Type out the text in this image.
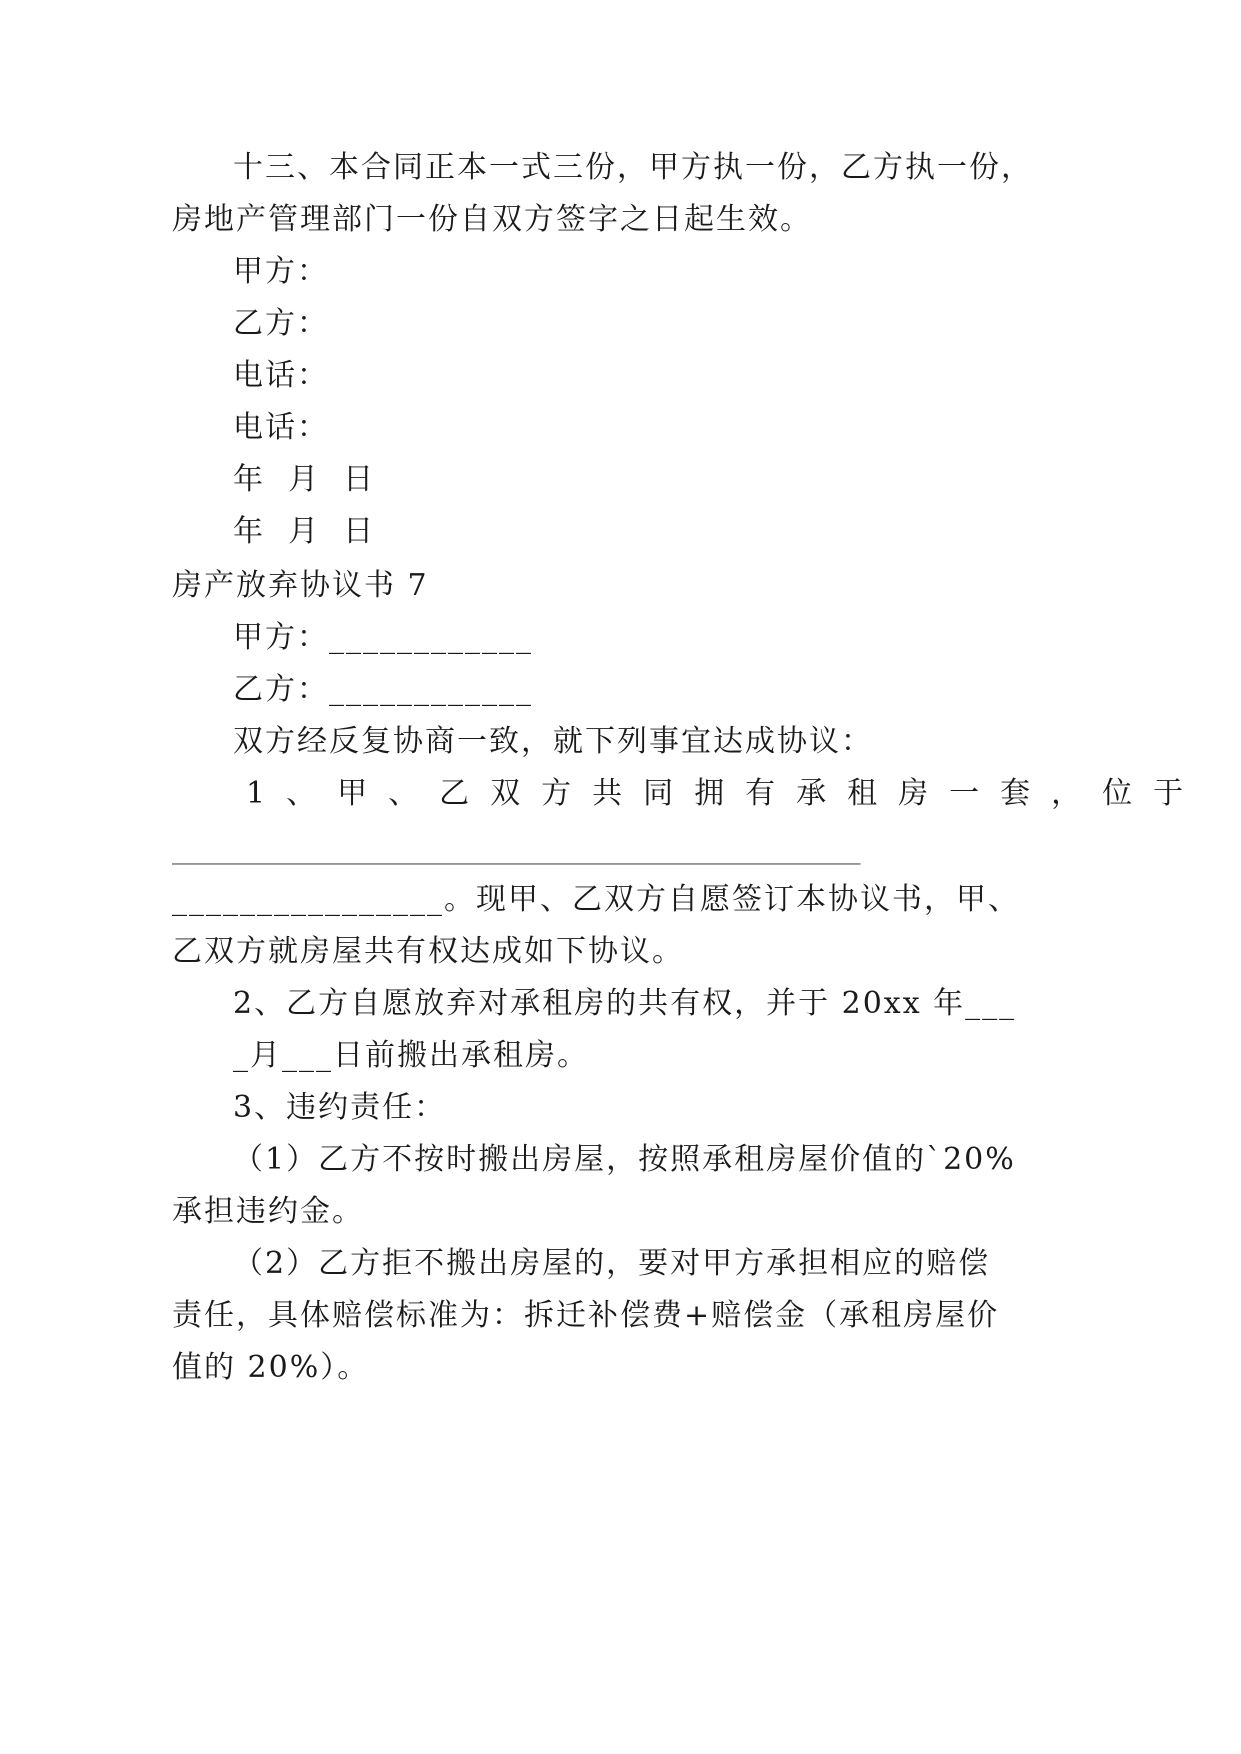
十三、本合同正本一式三份，甲方执一份，乙方执一份，
房地产管理部门一份自双方签字之日起生效。
甲方：
乙方：
电话：
电话：
年  月  日
年  月  日
房产放弃协议书 7
甲方：____________
乙方：____________
双方经反复协商一致，就下列事宜达成协议：
1、甲、乙双方共同拥有承租房一套，位于
___________________________________________________
________________。现甲、乙双方自愿签订本协议书，甲、
乙双方就房屋共有权达成如下协议。
2、乙方自愿放弃对承租房的共有权，并于 20xx 年___
_月___日前搬出承租房。
3、违约责任：
（1）乙方不按时搬出房屋，按照承租房屋价值的`20%
承担违约金。
（2）乙方拒不搬出房屋的，要对甲方承担相应的赔偿
责任，具体赔偿标准为：拆迁补偿费+赔偿金（承租房屋价
值的 20%）。
